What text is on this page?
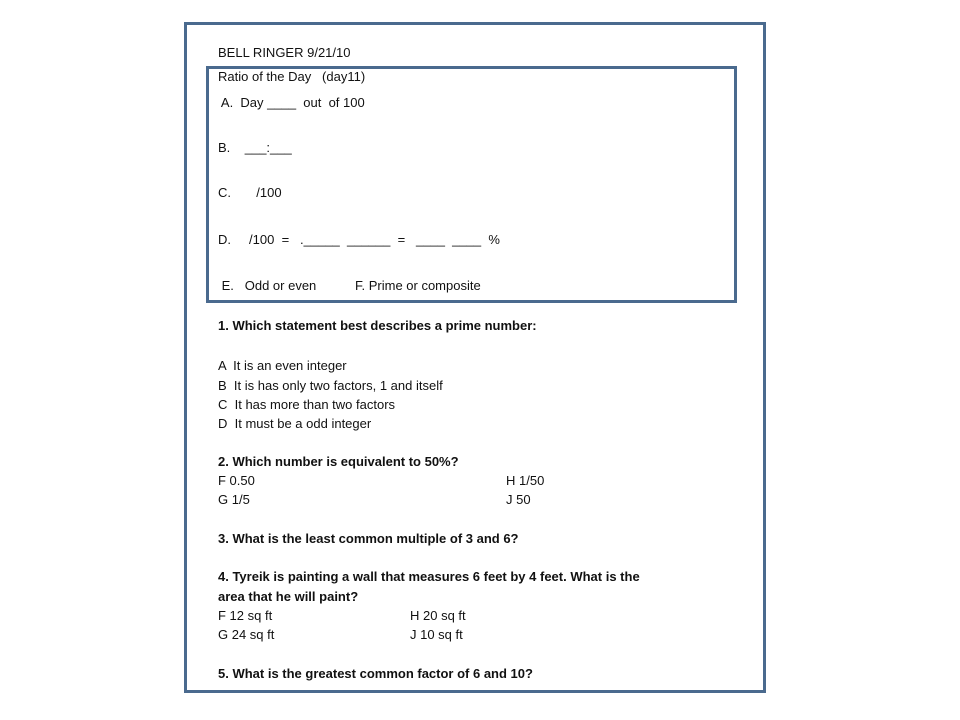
BELL RINGER 9/21/10
Ratio of the Day   (day11)
A.  Day ____  out  of 100
B.    ___:___
C.       /100
D.     /100  =   ._____  ______  =   ____  ____  %
E.   Odd or even	F. Prime or composite
1. Which statement best describes a prime number:
A  It is an even integer
B  It is has only two factors, 1 and itself
C  It has more than two factors
D  It must be a odd integer
2. Which number is equivalent to 50%?
F 0.50	H 1/50
G 1/5	J 50
3. What is the least common multiple of 3 and 6?
4. Tyreik is painting a wall that measures 6 feet by 4 feet. What is the
area that he will paint?
F 12 sq ft	H 20 sq ft
G 24 sq ft	J 10 sq ft
5. What is the greatest common factor of 6 and 10?
